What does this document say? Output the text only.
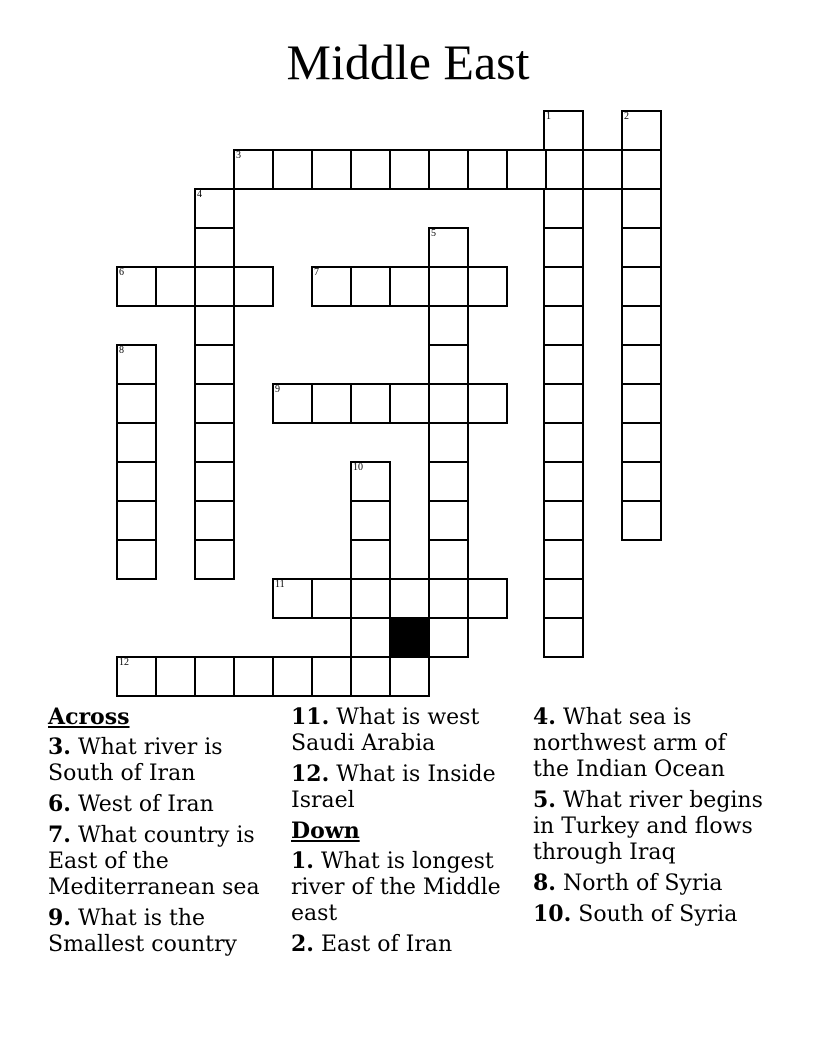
Middle East
1	2
3
4
5
6	7
8
9
10
11
12
Across
3. What river is South of Iran
6. West of Iran
7. What country is East of the Mediterranean sea
9. What is the Smallest country
11. What is west Saudi Arabia
12. What is Inside Israel
Down
1. What is longest river of the Middle east
2. East of Iran
4. What sea is northwest arm of the Indian Ocean
5. What river begins in Turkey and flows through Iraq
8. North of Syria
10. South of Syria
